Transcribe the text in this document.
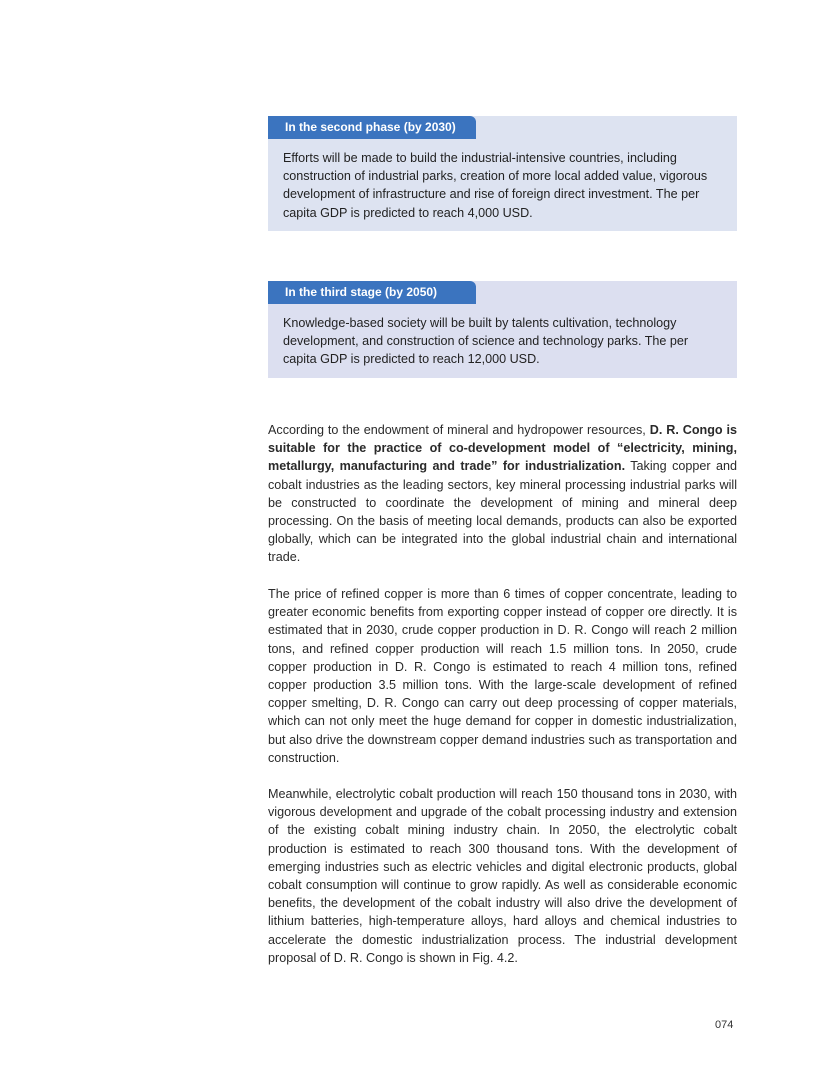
In the second phase (by 2030)
Efforts will be made to build the industrial-intensive countries, including construction of industrial parks, creation of more local added value, vigorous development of infrastructure and rise of foreign direct investment. The per capita GDP is predicted to reach 4,000 USD.
In the third stage (by 2050)
Knowledge-based society will be built by talents cultivation, technology development, and construction of science and technology parks. The per capita GDP is predicted to reach 12,000 USD.

According to the endowment of mineral and hydropower resources, D. R. Congo is suitable for the practice of co-development model of “electricity, mining, metallurgy, manufacturing and trade” for industrialization. Taking copper and cobalt industries as the leading sectors, key mineral processing industrial parks will be constructed to coordinate the development of mining and mineral deep processing. On the basis of meeting local demands, products can also be exported globally, which can be integrated into the global industrial chain and international trade.

The price of refined copper is more than 6 times of copper concentrate, leading to greater economic benefits from exporting copper instead of copper ore directly. It is estimated that in 2030, crude copper production in D. R. Congo will reach 2 million tons, and refined copper production will reach 1.5 million tons. In 2050, crude copper production in D. R. Congo is estimated to reach 4 million tons, refined copper production 3.5 million tons. With the large-scale development of refined copper smelting, D. R. Congo can carry out deep processing of copper materials, which can not only meet the huge demand for copper in domestic industrialization, but also drive the downstream copper demand industries such as transportation and construction.

Meanwhile, electrolytic cobalt production will reach 150 thousand tons in 2030, with vigorous development and upgrade of the cobalt processing industry and extension of the existing cobalt mining industry chain. In 2050, the electrolytic cobalt production is estimated to reach 300 thousand tons. With the development of emerging industries such as electric vehicles and digital electronic products, global cobalt consumption will continue to grow rapidly. As well as considerable economic benefits, the development of the cobalt industry will also drive the development of lithium batteries, high-temperature alloys, hard alloys and chemical industries to accelerate the domestic industrialization process. The industrial development proposal of D. R. Congo is shown in Fig. 4.2.

074
